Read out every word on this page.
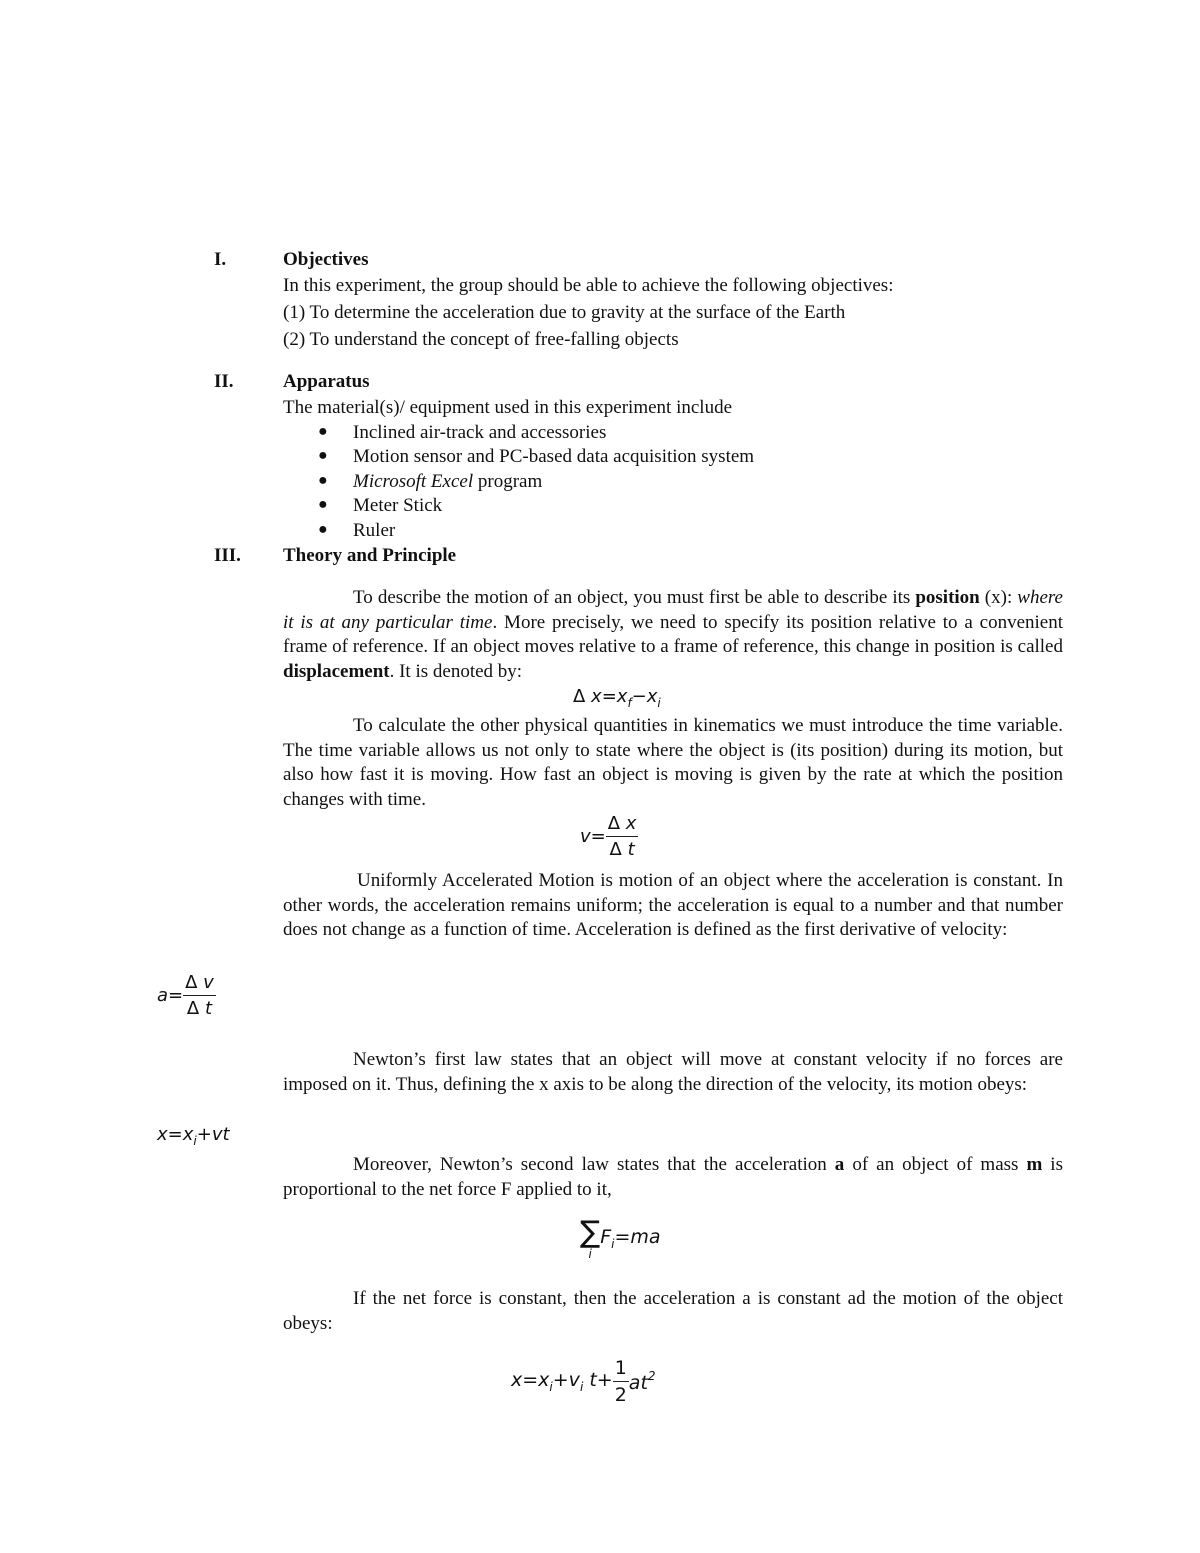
I.	Objectives
In this experiment, the group should be able to achieve the following objectives:
(1) To determine the acceleration due to gravity at the surface of the Earth
(2) To understand the concept of free-falling objects
II.	Apparatus
The material(s)/ equipment used in this experiment include
● Inclined air-track and accessories
● Motion sensor and PC-based data acquisition system
● Microsoft Excel program
● Meter Stick
● Ruler
III. Theory and Principle
To describe the motion of an object, you must first be able to describe its position (x): where it is at any particular time. More precisely, we need to specify its position relative to a convenient frame of reference. If an object moves relative to a frame of reference, this change in position is called displacement. It is denoted by:
Δ $x=x_f-x_i$
To calculate the other physical quantities in kinematics we must introduce the time variable. The time variable allows us not only to state where the object is (its position) during its motion, but also how fast it is moving. How fast an object is moving is given by the rate at which the position changes with time.
$v= \frac{\text{Δ x}}{\text{Δ t}}$
Uniformly Accelerated Motion is motion of an object where the acceleration is constant. In other words, the acceleration remains uniform; the acceleration is equal to a number and that number does not change as a function of time. Acceleration is defined as the first derivative of velocity:
$a= \frac{\text{Δ v}}{\text{Δ t}}$
Newton’s first law states that an object will move at constant velocity if no forces are imposed on it. Thus, defining the x axis to be along the direction of the velocity, its motion obeys:
$x=x_i+vt$
Moreover, Newton’s second law states that the acceleration a of an object of mass m is proportional to the net force F applied to it,
∑
i
$F_i=ma$
If the net force is constant, then the acceleration a is constant ad the motion of the object obeys:
$x=x_i+v_i$ $t+ \frac{1}{2} at^2$
